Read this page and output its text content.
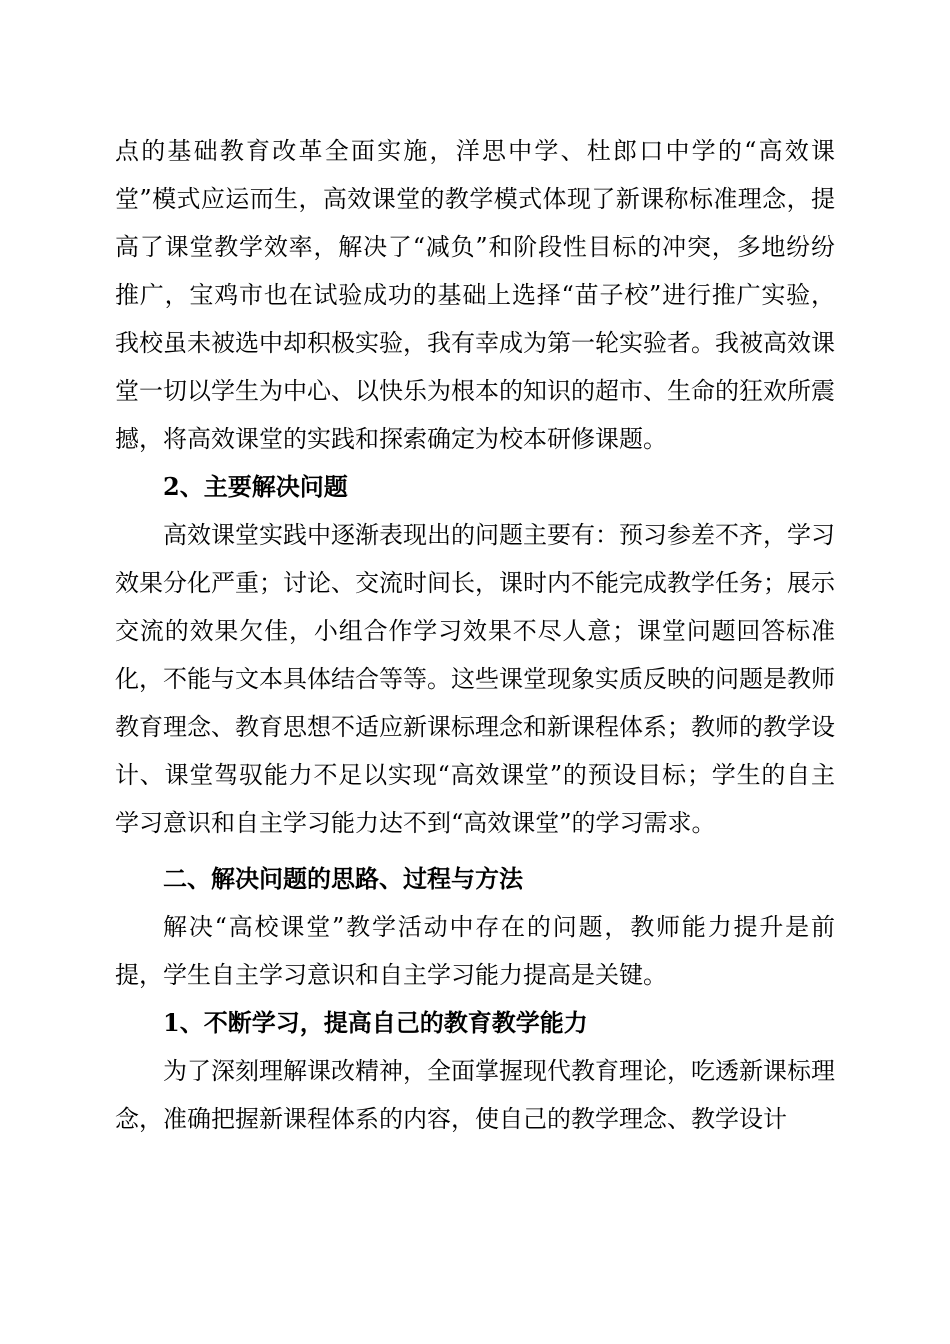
点的基础教育改革全面实施，洋思中学、杜郎口中学的“高效课堂”模式应运而生，高效课堂的教学模式体现了新课称标准理念，提高了课堂教学效率，解决了“减负”和阶段性目标的冲突，多地纷纷推广，宝鸡市也在试验成功的基础上选择“苗子校”进行推广实验，我校虽未被选中却积极实验，我有幸成为第一轮实验者。我被高效课堂一切以学生为中心、以快乐为根本的知识的超市、生命的狂欢所震撼，将高效课堂的实践和探索确定为校本研修课题。

2、主要解决问题

高效课堂实践中逐渐表现出的问题主要有：预习参差不齐，学习效果分化严重；讨论、交流时间长，课时内不能完成教学任务；展示交流的效果欠佳，小组合作学习效果不尽人意；课堂问题回答标准化，不能与文本具体结合等等。这些课堂现象实质反映的问题是教师教育理念、教育思想不适应新课标理念和新课程体系；教师的教学设计、课堂驾驭能力不足以实现“高效课堂”的预设目标；学生的自主学习意识和自主学习能力达不到“高效课堂”的学习需求。

二、解决问题的思路、过程与方法

解决“高校课堂”教学活动中存在的问题，教师能力提升是前提，学生自主学习意识和自主学习能力提高是关键。

1、不断学习，提高自己的教育教学能力

为了深刻理解课改精神，全面掌握现代教育理论，吃透新课标理念，准确把握新课程体系的内容，使自己的教学理念、教学设计
